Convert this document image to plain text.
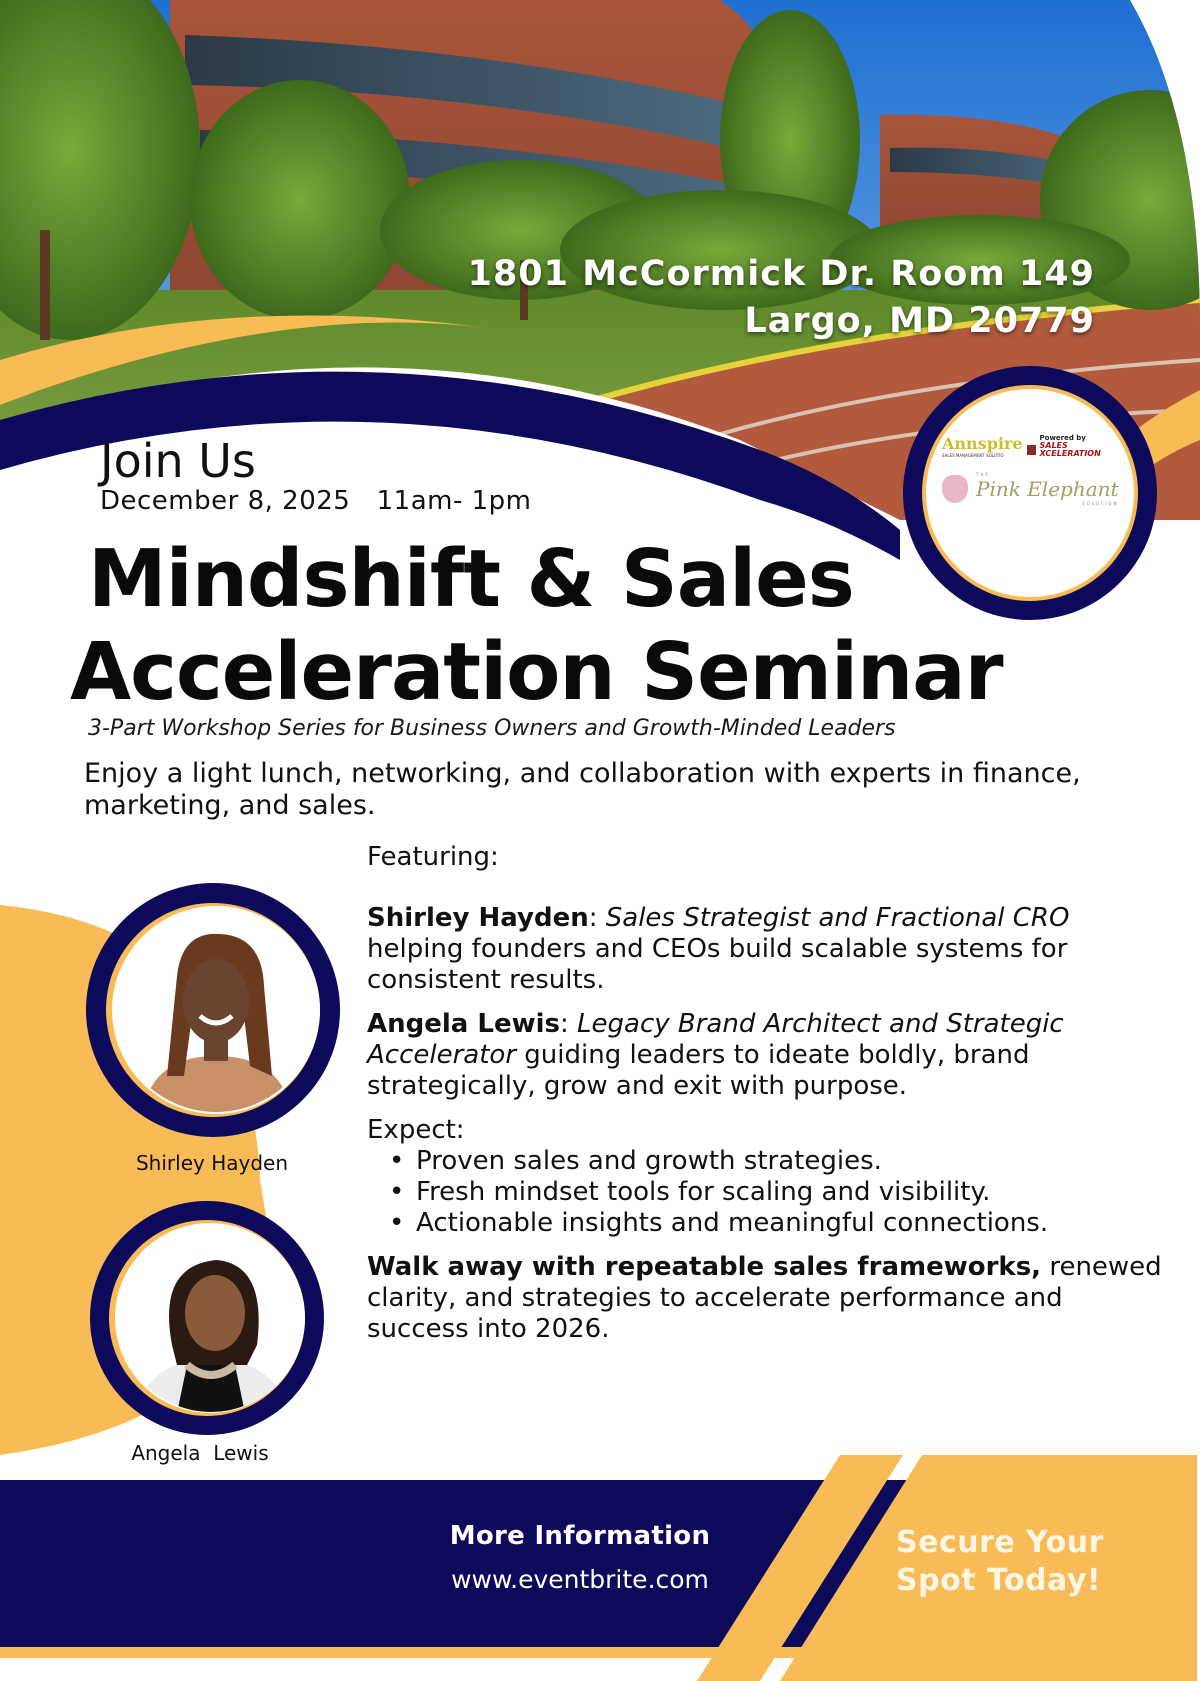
1801 McCormick Dr. Room 149
Largo, MD 20779
Annspire
SALES MANAGEMENT SOLUTIO
Powered by
SALES XCELERATION
THE
Pink Elephant
SOLUTION
Join Us
December 8, 2025 11am- 1pm
Mindshift & Sales
Acceleration Seminar
3-Part Workshop Series for Business Owners and Growth-Minded Leaders
Enjoy a light lunch, networking, and collaboration with experts in finance, marketing, and sales.

Featuring:

Shirley Hayden: Sales Strategist and Fractional CRO helping founders and CEOs build scalable systems for consistent results.

Angela Lewis: Legacy Brand Architect and Strategic Accelerator guiding leaders to ideate boldly, brand strategically, grow and exit with purpose.

Expect:

• Proven sales and growth strategies.
• Fresh mindset tools for scaling and visibility.
• Actionable insights and meaningful connections.

Walk away with repeatable sales frameworks, renewed clarity, and strategies to accelerate performance and success into 2026.

Shirley Hayden
Angela  Lewis
More Information
www.eventbrite.com
Secure Your
Spot Today!
